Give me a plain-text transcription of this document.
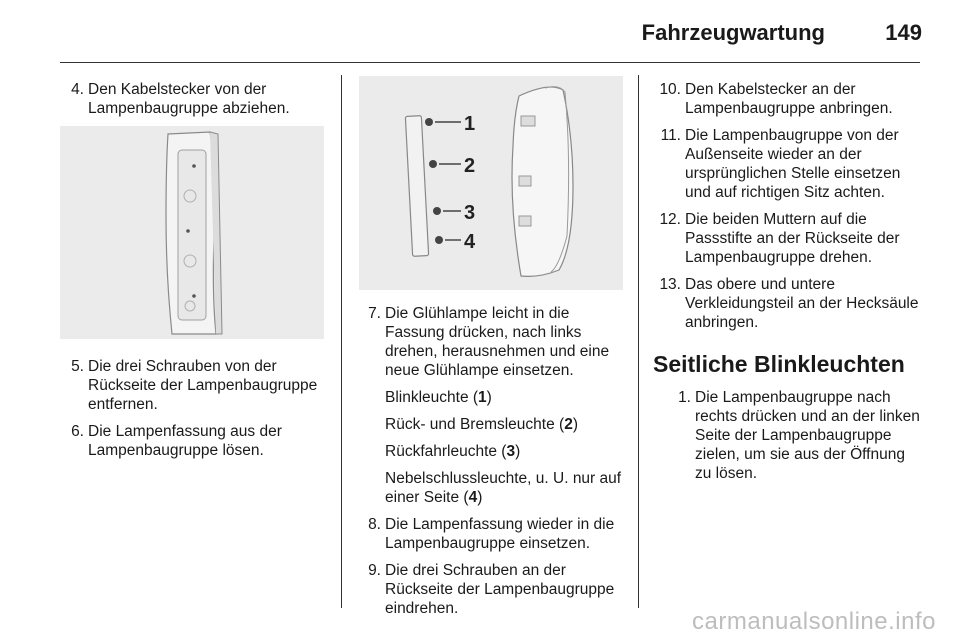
Fahrzeugwartung	149
4. Den Kabelstecker von der Lampenbaugruppe abziehen.
5. Die drei Schrauben von der Rückseite der Lampenbaugruppe entfernen.
6. Die Lampenfassung aus der Lampenbaugruppe lösen.
1
2
3
4
7. Die Glühlampe leicht in die Fassung drücken, nach links drehen, herausnehmen und eine neue Glühlampe einsetzen.
Blinkleuchte (1)
Rück- und Bremsleuchte (2)
Rückfahrleuchte (3)
Nebelschlussleuchte, u. U. nur auf einer Seite (4)
8. Die Lampenfassung wieder in die Lampenbaugruppe einsetzen.
9. Die drei Schrauben an der Rückseite der Lampenbaugruppe eindrehen.
10. Den Kabelstecker an der Lampenbaugruppe anbringen.
11. Die Lampenbaugruppe von der Außenseite wieder an der ursprünglichen Stelle einsetzen und auf richtigen Sitz achten.
12. Die beiden Muttern auf die Passstifte an der Rückseite der Lampenbaugruppe drehen.
13. Das obere und untere Verkleidungsteil an der Hecksäule anbringen.
Seitliche Blinkleuchten
1. Die Lampenbaugruppe nach rechts drücken und an der linken Seite der Lampenbaugruppe zielen, um sie aus der Öffnung zu lösen.
carmanualsonline.info
